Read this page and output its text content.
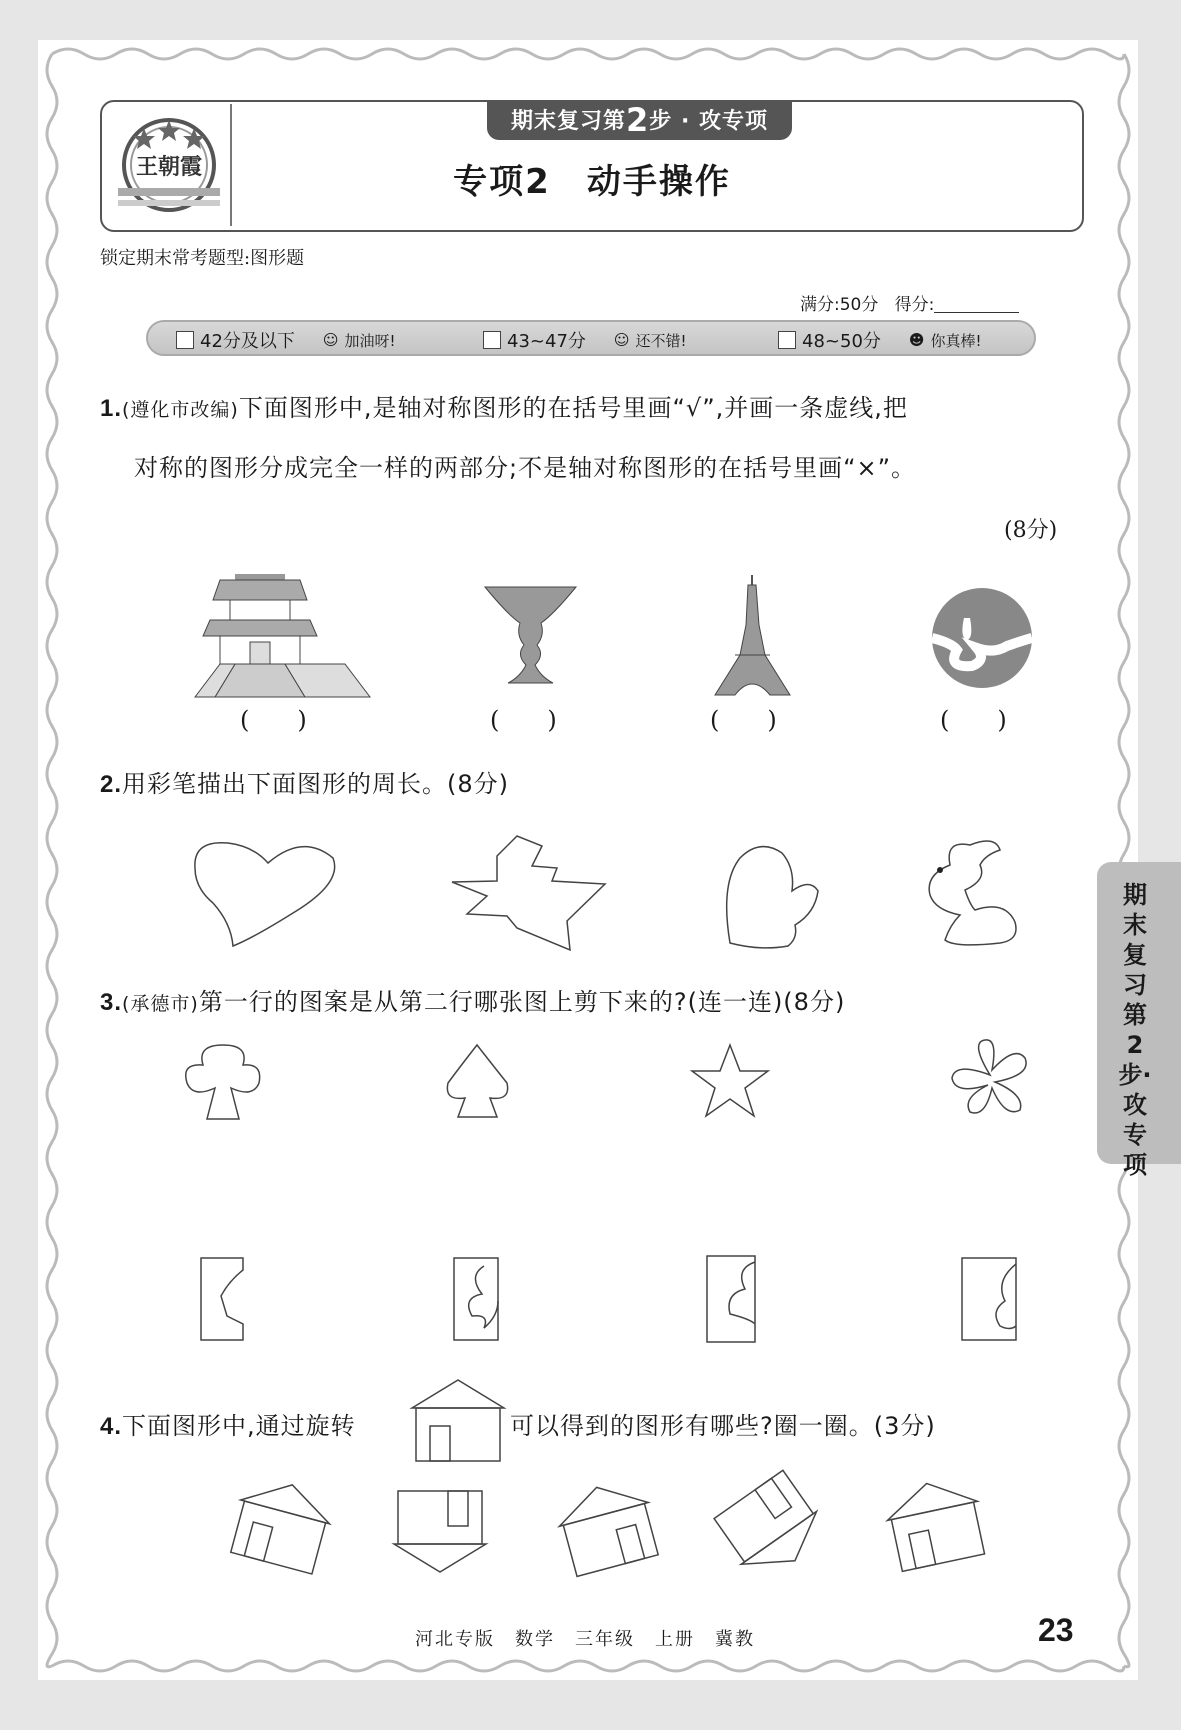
王朝霞
期末复习第2步 · 攻专项
专项2　动手操作
锁定期末常考题型:图形题
满分:50分 得分:
42分及以下 ☺ 加油呀!	43~47分 ☺ 还不错!	48~50分 ☻ 你真棒!
1.(遵化市改编)下面图形中,是轴对称图形的在括号里画“√”,并画一条虚线,把
对称的图形分成完全一样的两部分;不是轴对称图形的在括号里画“×”。
(8分)
(　　)	(　　)	(　　)	(　　)
2.用彩笔描出下面图形的周长。(8分)
3.(承德市)第一行的图案是从第二行哪张图上剪下来的?(连一连)(8分)
4.下面图形中,通过旋转	可以得到的图形有哪些?圈一圈。(3分)
期末复习第2步·攻专项
河北专版　数学　三年级　上册　冀教	23
